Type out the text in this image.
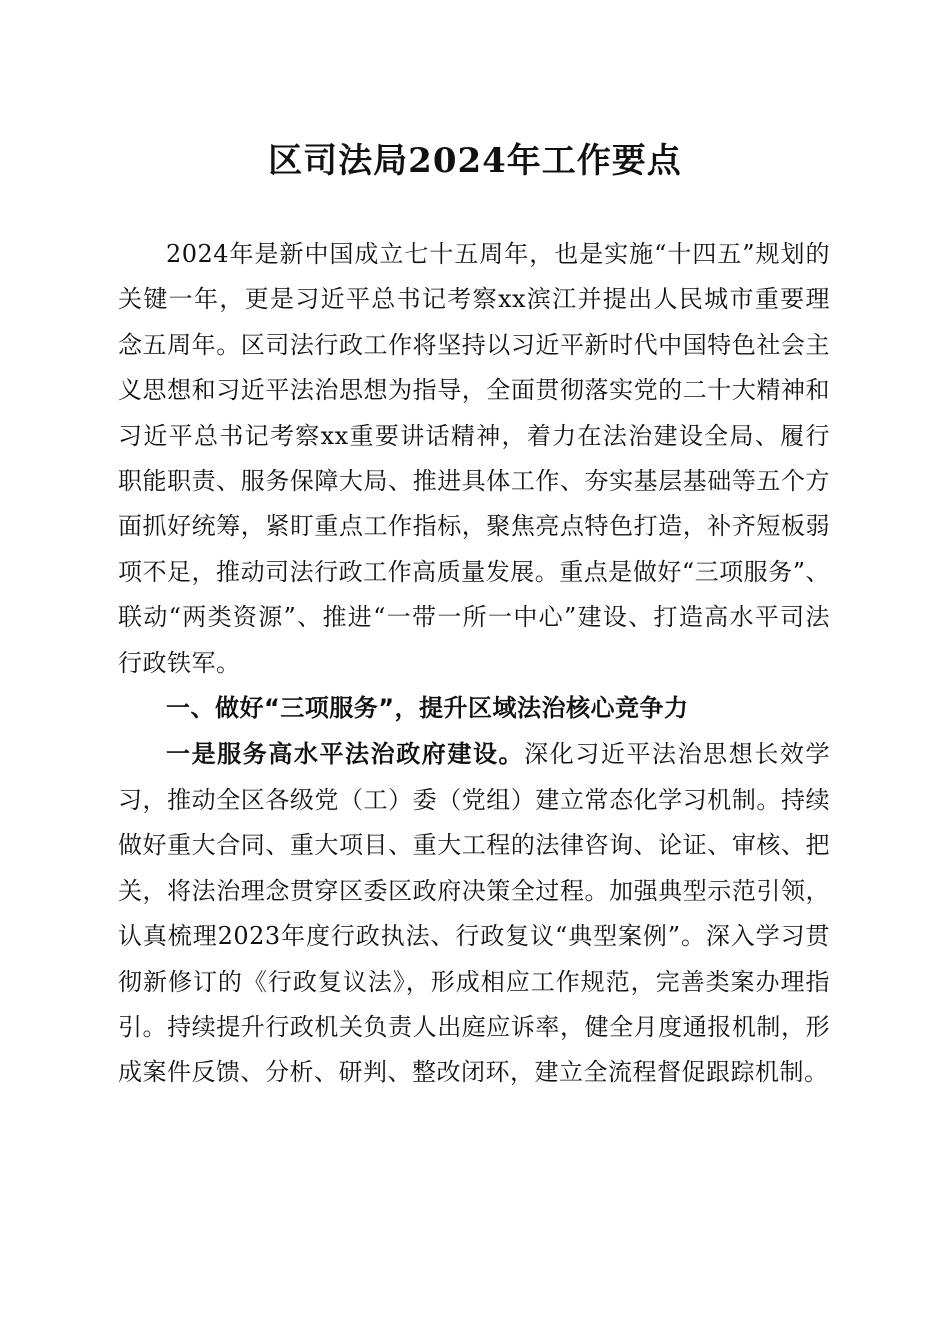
区司法局2024年工作要点

2024年是新中国成立七十五周年，也是实施“十四五”规划的关键一年，更是习近平总书记考察xx滨江并提出人民城市重要理念五周年。区司法行政工作将坚持以习近平新时代中国特色社会主义思想和习近平法治思想为指导，全面贯彻落实党的二十大精神和习近平总书记考察xx重要讲话精神，着力在法治建设全局、履行职能职责、服务保障大局、推进具体工作、夯实基层基础等五个方面抓好统筹，紧盯重点工作指标，聚焦亮点特色打造，补齐短板弱项不足，推动司法行政工作高质量发展。重点是做好“三项服务”、联动“两类资源”、推进“一带一所一中心”建设、打造高水平司法行政铁军。

一、做好“三项服务”，提升区域法治核心竞争力

一是服务高水平法治政府建设。深化习近平法治思想长效学习，推动全区各级党（工）委（党组）建立常态化学习机制。持续做好重大合同、重大项目、重大工程的法律咨询、论证、审核、把关，将法治理念贯穿区委区政府决策全过程。加强典型示范引领，认真梳理2023年度行政执法、行政复议“典型案例”。深入学习贯彻新修订的《行政复议法》，形成相应工作规范，完善类案办理指引。持续提升行政机关负责人出庭应诉率，健全月度通报机制，形成案件反馈、分析、研判、整改闭环，建立全流程督促跟踪机制。
